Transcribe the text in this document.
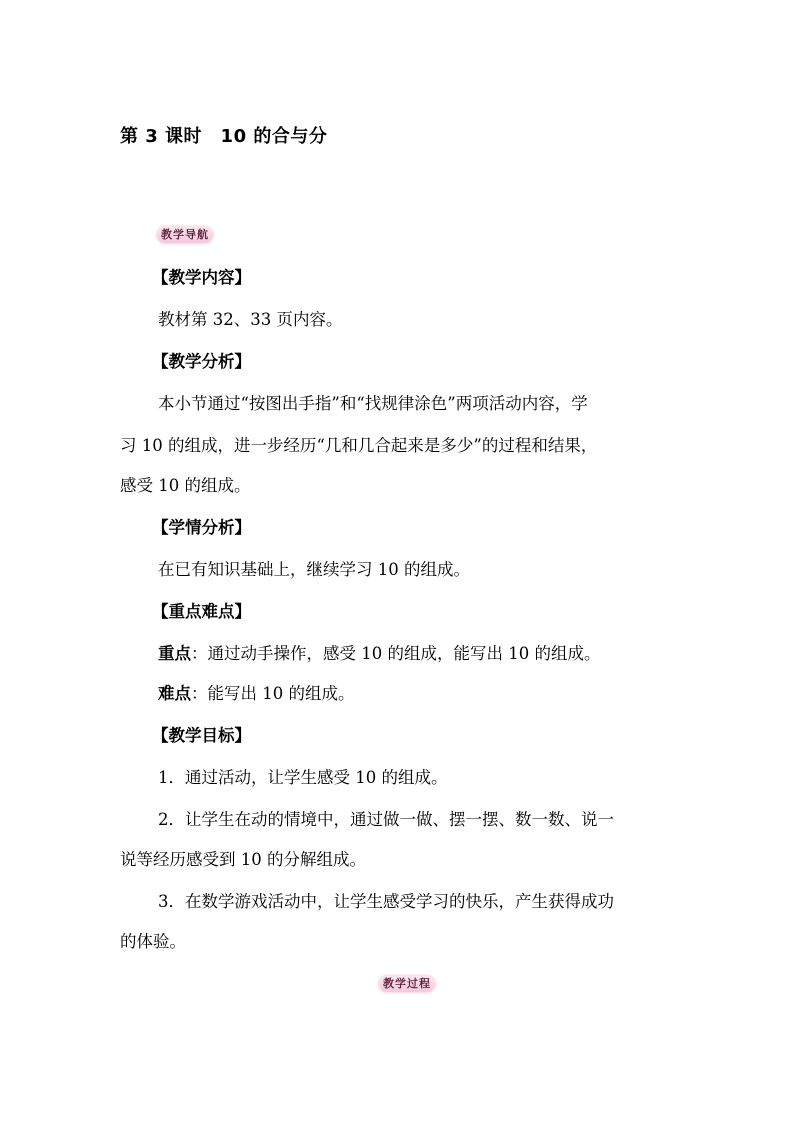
第 3 课时　10 的合与分
教学导航
【教学内容】
教材第 32、33 页内容。
【教学分析】
本小节通过“按图出手指”和“找规律涂色”两项活动内容，学
习 10 的组成，进一步经历“几和几合起来是多少”的过程和结果，
感受 10 的组成。
【学情分析】
在已有知识基础上，继续学习 10 的组成。
【重点难点】
重点：通过动手操作，感受 10 的组成，能写出 10 的组成。
难点：能写出 10 的组成。
【教学目标】
1．通过活动，让学生感受 10 的组成。
2．让学生在动的情境中，通过做一做、摆一摆、数一数、说一
说等经历感受到 10 的分解组成。
3．在数学游戏活动中，让学生感受学习的快乐，产生获得成功
的体验。
教学过程
